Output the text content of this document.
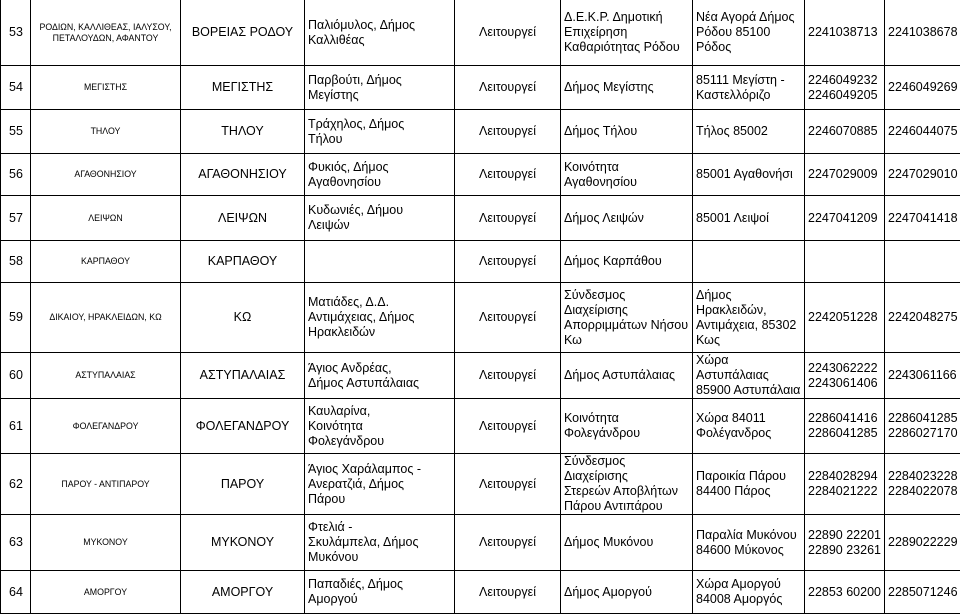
53	ΡΟΔΙΩΝ, ΚΑΛΛΙΘΕΑΣ, ΙΑΛΥΣΟΥ,
ΠΕΤΑΛΟΥΔΩΝ, ΑΦΑΝΤΟΥ	ΒΟΡΕΙΑΣ ΡΟΔΟΥ	Παλιόμυλος, Δήμος
Καλλιθέας	Λειτουργεί	Δ.Ε.Κ.Ρ. Δημοτική
Επιχείρηση
Καθαριότητας Ρόδου	Νέα Αγορά Δήμος
Ρόδου 85100
Ρόδος	2241038713	2241038678
54	ΜΕΓΙΣΤΗΣ	ΜΕΓΙΣΤΗΣ	Παρβούτι, Δήμος
Μεγίστης	Λειτουργεί	Δήμος Μεγίστης	85111 Μεγίστη -
Καστελλόριζο	2246049232
2246049205	2246049269
55	ΤΗΛΟΥ	ΤΗΛΟΥ	Τράχηλος, Δήμος
Τήλου	Λειτουργεί	Δήμος Τήλου	Τήλος 85002	2246070885	2246044075
56	ΑΓΑΘΟΝΗΣΙΟΥ	ΑΓΑΘΟΝΗΣΙΟΥ	Φυκιός, Δήμος
Αγαθονησίου	Λειτουργεί	Κοινότητα Αγαθονησίου	85001 Αγαθονήσι	2247029009	2247029010
57	ΛΕΙΨΩΝ	ΛΕΙΨΩΝ	Κυδωνιές, Δήμου
Λειψών	Λειτουργεί	Δήμος Λειψών	85001 Λειψοί	2247041209	2247041418
58	ΚΑΡΠΑΘΟΥ	ΚΑΡΠΑΘΟΥ		Λειτουργεί	Δήμος Καρπάθου			
59	ΔΙΚΑΙΟΥ, ΗΡΑΚΛΕΙΔΩΝ, ΚΩ	ΚΩ	Ματιάδες, Δ.Δ.
Αντιμάχειας, Δήμος
Ηρακλειδών	Λειτουργεί	Σύνδεσμος Διαχείρισης
Απορριμμάτων Νήσου
Κω	Δήμος Ηρακλειδών,
Αντιμάχεια, 85302
Κως	2242051228	2242048275
60	ΑΣΤΥΠΑΛΑΙΑΣ	ΑΣΤΥΠΑΛΑΙΑΣ	Άγιος Ανδρέας,
Δήμος Αστυπάλαιας	Λειτουργεί	Δήμος Αστυπάλαιας	Χώρα Αστυπάλαιας
85900 Αστυπάλαια	2243062222
2243061406	2243061166
61	ΦΟΛΕΓΑΝΔΡΟΥ	ΦΟΛΕΓΑΝΔΡΟΥ	Καυλαρίνα,
Κοινότητα
Φολεγάνδρου	Λειτουργεί	Κοινότητα Φολεγάνδρου	Χώρα 84011
Φολέγανδρος	2286041416
2286041285	2286041285
2286027170
62	ΠΑΡΟΥ - ΑΝΤΙΠΑΡΟΥ	ΠΑΡΟΥ	Άγιος Χαράλαμπος -
Ανερατζιά, Δήμος
Πάρου	Λειτουργεί	Σύνδεσμος Διαχείρισης
Στερεών Αποβλήτων
Πάρου Αντιπάρου	Παροικία Πάρου
84400 Πάρος	2284028294
2284021222	2284023228
2284022078
63	ΜΥΚΟΝΟΥ	ΜΥΚΟΝΟΥ	Φτελιά -
Σκυλάμπελα, Δήμος
Μυκόνου	Λειτουργεί	Δήμος Μυκόνου	Παραλία Μυκόνου
84600 Μύκονος	22890 22201
22890 23261	2289022229
64	ΑΜΟΡΓΟΥ	ΑΜΟΡΓΟΥ	Παπαδιές, Δήμος
Αμοργού	Λειτουργεί	Δήμος Αμοργού	Χώρα Αμοργού
84008 Αμοργός	22853 60200	2285071246
